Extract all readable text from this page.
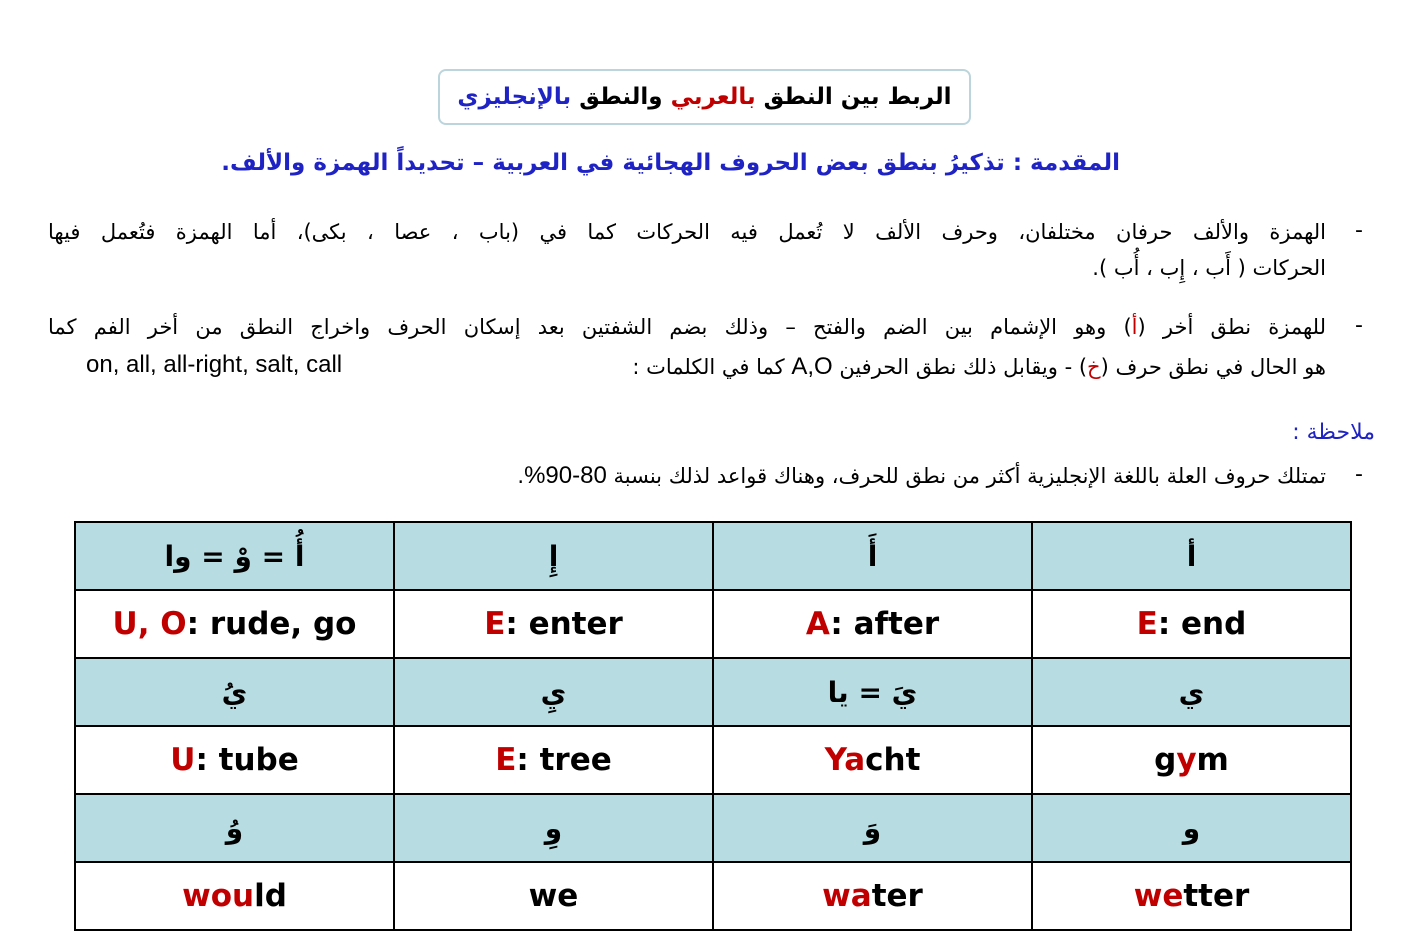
الربط بين النطق بالعربي والنطق بالإنجليزي
المقدمة : تذكيرُ بنطق بعض الحروف الهجائية في العربية – تحديداً الهمزة والألف.
-
الهمزة والألف حرفان مختلفان، وحرف الألف لا تُعمل فيه الحركات كما في (باب ، عصا ، بكى)، أما الهمزة فتُعمل فيها
الحركات ( أَب ، إِب ، أُب ).
-
للهمزة نطق أخر (أ) وهو الإشمام بين الضم والفتح – وذلك بضم الشفتين بعد إسكان الحرف واخراج النطق من أخر الفم كما
هو الحال في نطق حرف (خ) - ويقابل ذلك نطق الحرفين A,O كما في الكلمات :
on, all, all-right, salt, call
ملاحظة :
-
تمتلك حروف العلة باللغة الإنجليزية أكثر من نطق للحرف، وهناك قواعد لذلك بنسبة 80-90%.
أ	أَ	إِ	أُ = وْ = وا
E: end	A: after	E: enter	U, O: rude, go
ي	يَ = يا	يِ	يُ
gym	Yacht	E: tree	U: tube
و	وَ	وِ	وُ
wetter	water	we	would
